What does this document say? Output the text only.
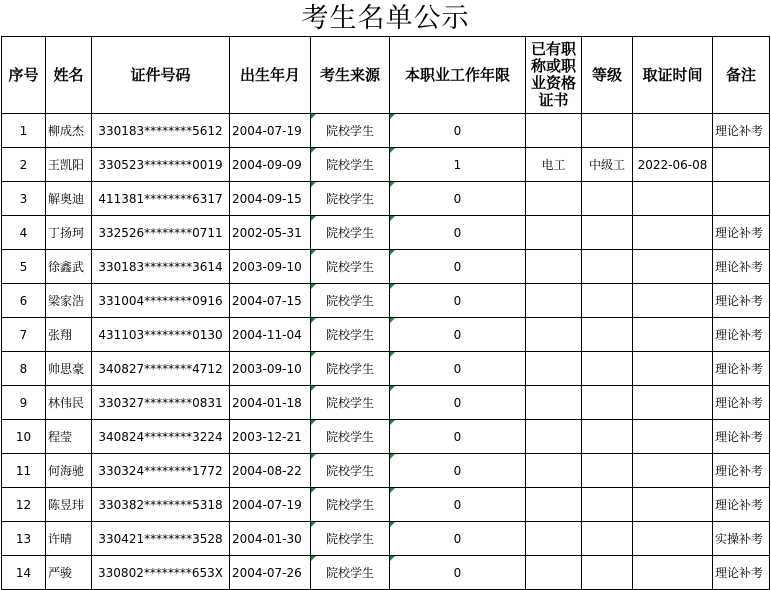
考生名单公示
序号	姓名	证件号码	出生年月	考生来源	本职业工作年限	已有职称或职业资格证书	等级	取证时间	备注
1	柳成杰	330183********5612	2004-07-19	院校学生	0				理论补考
2	王凯阳	330523********0019	2004-09-09	院校学生	1	电工	中级工	2022-06-08	
3	解奥迪	411381********6317	2004-09-15	院校学生	0				
4	丁扬珂	332526********0711	2002-05-31	院校学生	0				理论补考
5	徐鑫武	330183********3614	2003-09-10	院校学生	0				理论补考
6	梁家浩	331004********0916	2004-07-15	院校学生	0				理论补考
7	张翔	431103********0130	2004-11-04	院校学生	0				理论补考
8	帅思豪	340827********4712	2003-09-10	院校学生	0				理论补考
9	林伟民	330327********0831	2004-01-18	院校学生	0				理论补考
10	程莹	340824********3224	2003-12-21	院校学生	0				理论补考
11	何海驰	330324********1772	2004-08-22	院校学生	0				理论补考
12	陈昱玮	330382********5318	2004-07-19	院校学生	0				理论补考
13	许晴	330421********3528	2004-01-30	院校学生	0				实操补考
14	严骏	330802********653X	2004-07-26	院校学生	0				理论补考
